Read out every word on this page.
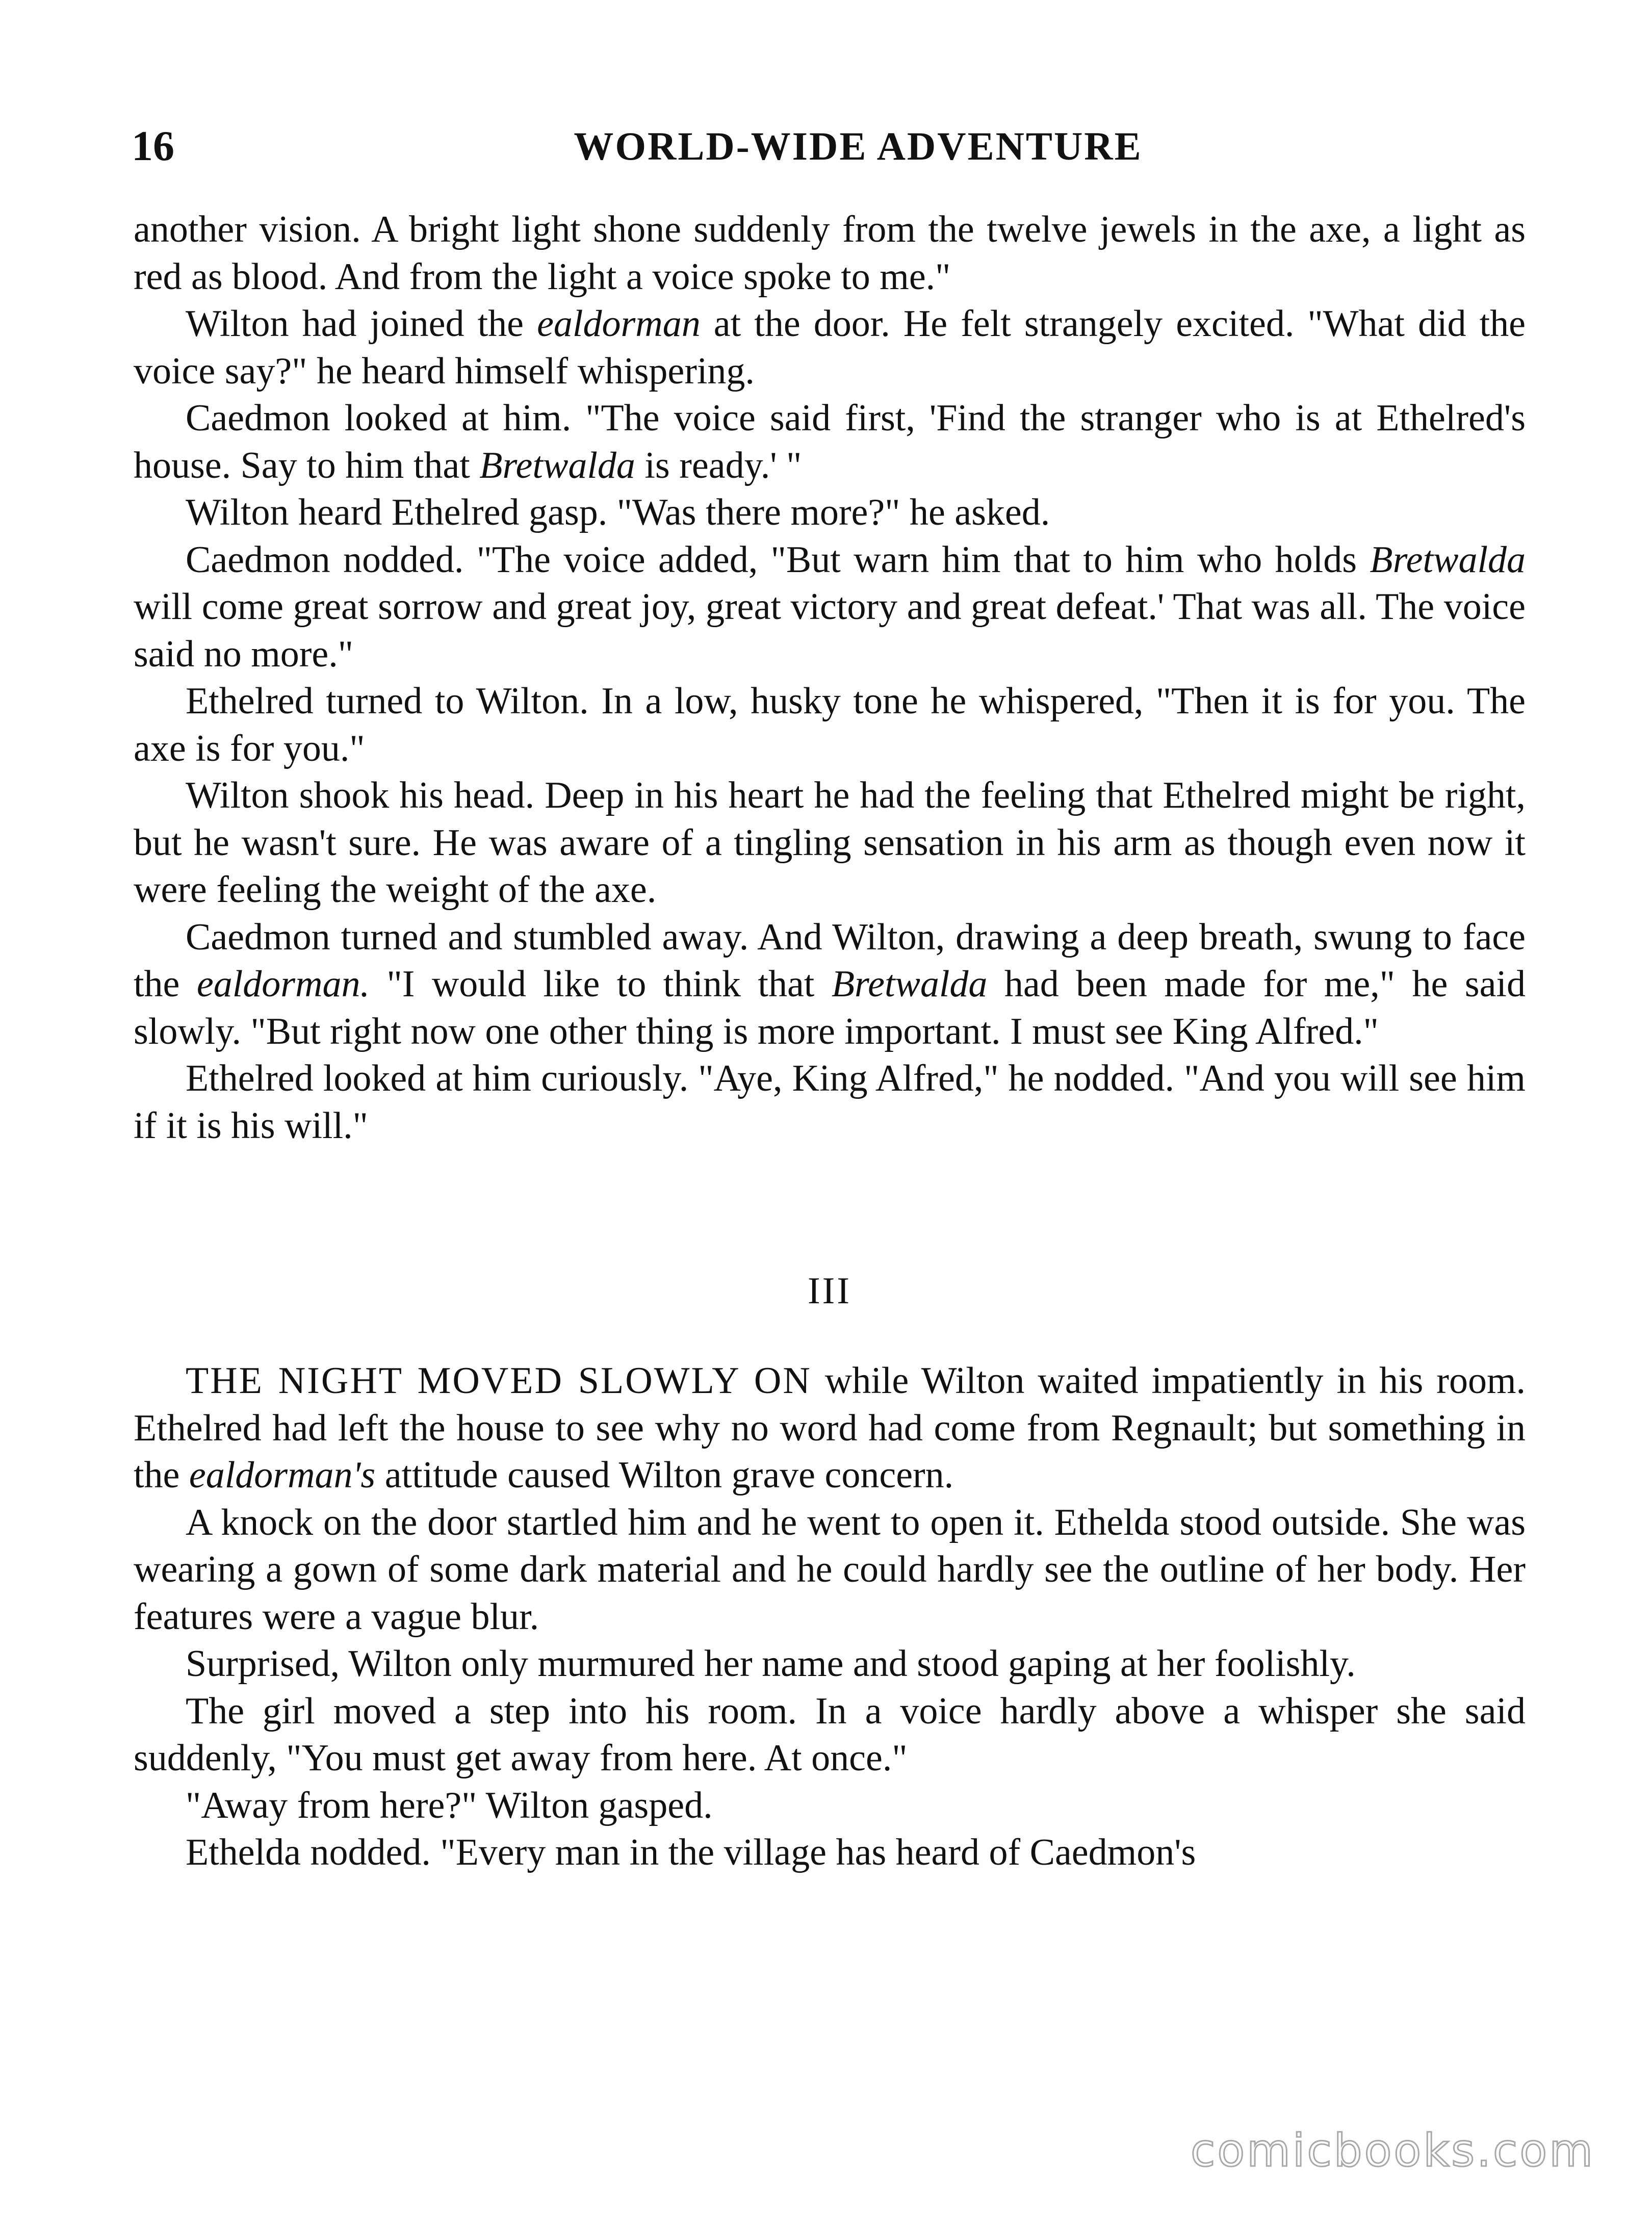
16	WORLD-WIDE ADVENTURE

another vision. A bright light shone suddenly from the twelve jewels in the axe, a light as red as blood. And from the light a voice spoke to me."

Wilton had joined the ealdorman at the door. He felt strangely excited. "What did the voice say?" he heard himself whispering.

Caedmon looked at him. "The voice said first, 'Find the stranger who is at Ethelred's house. Say to him that Bretwalda is ready.' "

Wilton heard Ethelred gasp. "Was there more?" he asked.

Caedmon nodded. "The voice added, "But warn him that to him who holds Bretwalda will come great sorrow and great joy, great victory and great defeat.' That was all. The voice said no more."

Ethelred turned to Wilton. In a low, husky tone he whispered, "Then it is for you. The axe is for you."

Wilton shook his head. Deep in his heart he had the feeling that Ethelred might be right, but he wasn't sure. He was aware of a tingling sensation in his arm as though even now it were feeling the weight of the axe.

Caedmon turned and stumbled away. And Wilton, drawing a deep breath, swung to face the ealdorman. "I would like to think that Bretwalda had been made for me," he said slowly. "But right now one other thing is more important. I must see King Alfred."

Ethelred looked at him curiously. "Aye, King Alfred," he nodded. "And you will see him if it is his will."

III

THE NIGHT MOVED SLOWLY ON while Wilton waited impatiently in his room. Ethelred had left the house to see why no word had come from Regnault; but something in the ealdorman's attitude caused Wilton grave concern.

A knock on the door startled him and he went to open it. Ethelda stood outside. She was wearing a gown of some dark material and he could hardly see the outline of her body. Her features were a vague blur.

Surprised, Wilton only murmured her name and stood gaping at her foolishly.

The girl moved a step into his room. In a voice hardly above a whisper she said suddenly, "You must get away from here. At once."

"Away from here?" Wilton gasped.

Ethelda nodded. "Every man in the village has heard of Caedmon's

comicbooks.com
